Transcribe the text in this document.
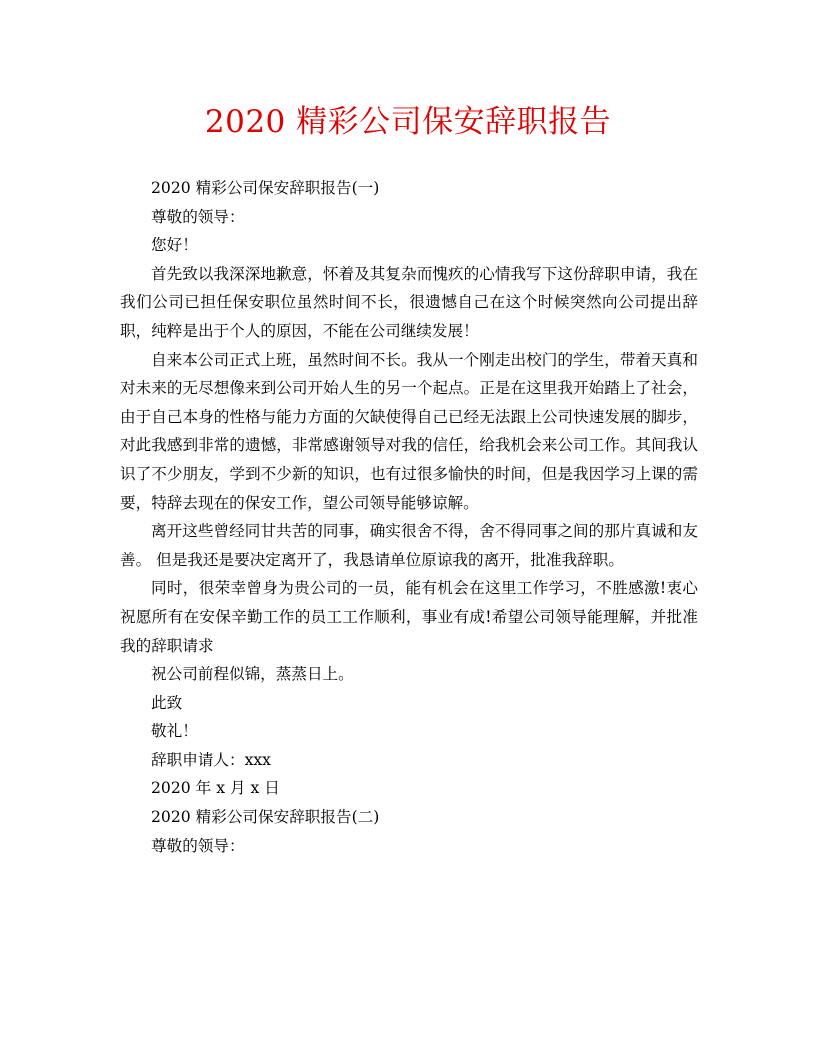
2020 精彩公司保安辞职报告

2020 精彩公司保安辞职报告(一)

尊敬的领导：

您好！

首先致以我深深地歉意，怀着及其复杂而愧疚的心情我写下这份辞职申请，我在我们公司已担任保安职位虽然时间不长，很遗憾自己在这个时候突然向公司提出辞职，纯粹是出于个人的原因，不能在公司继续发展！

自来本公司正式上班，虽然时间不长。我从一个刚走出校门的学生，带着天真和对未来的无尽想像来到公司开始人生的另一个起点。正是在这里我开始踏上了社会，由于自己本身的性格与能力方面的欠缺使得自己已经无法跟上公司快速发展的脚步，对此我感到非常的遗憾，非常感谢领导对我的信任，给我机会来公司工作。其间我认识了不少朋友，学到不少新的知识，也有过很多愉快的时间，但是我因学习上课的需要，特辞去现在的保安工作，望公司领导能够谅解。

离开这些曾经同甘共苦的同事，确实很舍不得，舍不得同事之间的那片真诚和友善。 但是我还是要决定离开了，我恳请单位原谅我的离开，批准我辞职。

同时，很荣幸曾身为贵公司的一员，能有机会在这里工作学习，不胜感激!衷心祝愿所有在安保辛勤工作的员工工作顺利，事业有成!希望公司领导能理解，并批准我的辞职请求

祝公司前程似锦，蒸蒸日上。

此致

敬礼！

辞职申请人：xxx

2020 年 x 月 x 日

2020 精彩公司保安辞职报告(二)

尊敬的领导：
